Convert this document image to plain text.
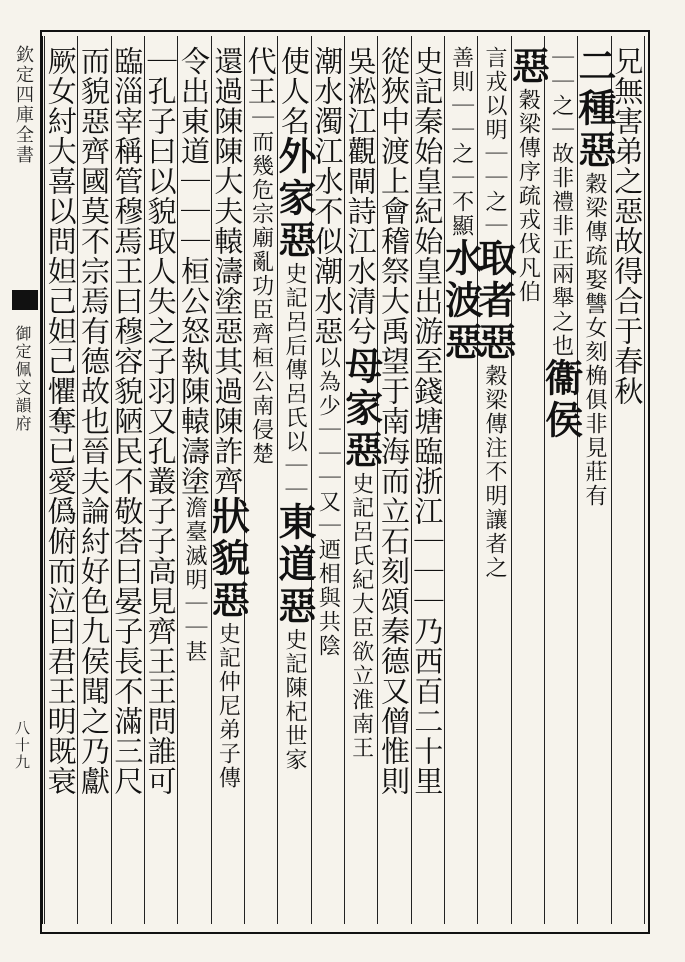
欽定四庫全書
御定佩文韻府
八十九
兄無害弟之惡故得合于春秋
二種惡穀梁傳疏娶讐女刻桷俱非見莊有
｜｜之｜故非禮非正兩舉之也衞侯
惡穀梁傳序疏戎伐凡伯
言戎以明｜｜之｜取者惡穀梁傳注不明讓者之
善則｜｜之｜不顯水波惡
史記秦始皇紀始皇出游至錢塘臨浙江｜｜｜乃西百二十里
從狹中渡上會稽祭大禹望于南海而立石刻頌秦德又僧惟則
吳淞江觀閘詩江水清兮母家惡史記呂氏紀大臣欲立淮南王
潮水濁江水不似潮水惡以為少｜｜｜又｜迺相與共陰
使人名外家惡史記呂后傳呂氏以｜｜東道惡史記陳杞世家
代王｜而幾危宗廟亂功臣齊桓公南侵楚
還過陳陳大夫轅濤塗惡其過陳詐齊狀貌惡史記仲尼弟子傳
令出東道｜｜｜桓公怒執陳轅濤塗澹臺滅明｜｜甚
｜孔子曰以貌取人失之子羽又孔叢子子高見齊王王問誰可
臨淄宰稱管穆焉王曰穆容貌陋民不敬荅曰晏子長不滿三尺
而貌惡齊國莫不宗焉有德故也晉夫論紂好色九侯聞之乃獻
厥女紂大喜以問妲己妲己懼奪已愛僞俯而泣曰君王明既衰
